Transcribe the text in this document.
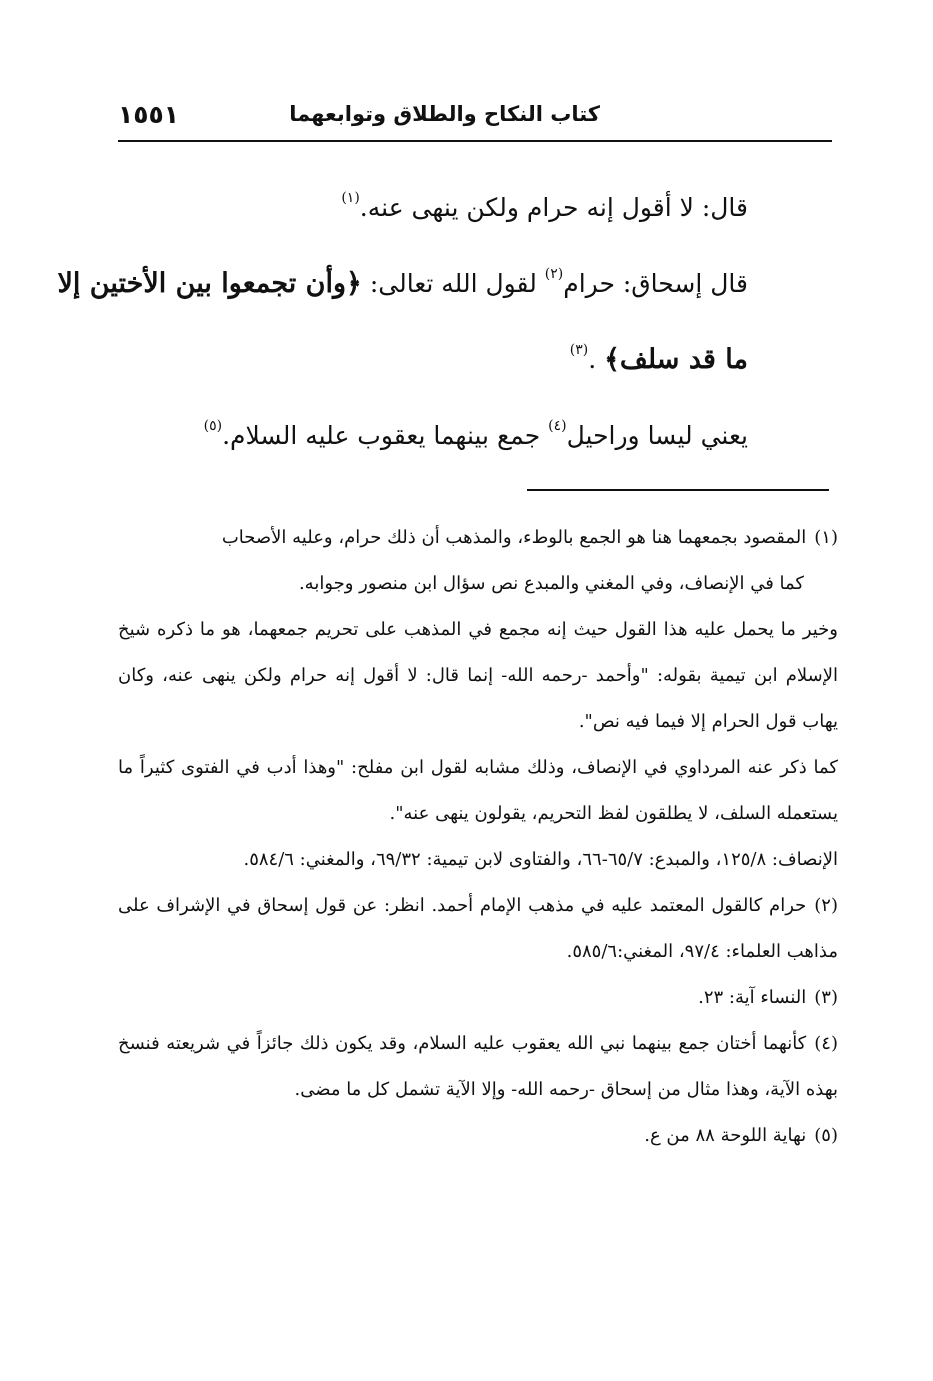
كتاب النكاح والطلاق وتوابعهما
١٥٥١

قال: لا أقول إنه حرام ولكن ينهى عنه.$^{(١)}$

قال إسحاق: حرام$^{(٢)}$ لقول الله تعالى: ﴿وأن تجمعوا بين الأختين إلا

ما قد سلف﴾ .$^{(٣)}$

يعني ليسا وراحيل$^{(٤)}$ جمع بينهما يعقوب عليه السلام.$^{(٥)}$

(١)المقصود بجمعهما هنا هو الجمع بالوطء، والمذهب أن ذلك حرام، وعليه الأصحاب

كما في الإنصاف، وفي المغني والمبدع نص سؤال ابن منصور وجوابه.

وخير ما يحمل عليه هذا القول حيث إنه مجمع في المذهب على تحريم جمعهما، هو ما ذكره شيخ الإسلام ابن تيمية بقوله: "وأحمد -رحمه الله- إنما قال: لا أقول إنه حرام ولكن ينهى عنه، وكان يهاب قول الحرام إلا فيما فيه نص".

كما ذكر عنه المرداوي في الإنصاف، وذلك مشابه لقول ابن مفلح: "وهذا أدب في الفتوى كثيراً ما يستعمله السلف، لا يطلقون لفظ التحريم، يقولون ينهى عنه".

الإنصاف: ١٢٥/٨، والمبدع: ٦٥/٧-٦٦، والفتاوى لابن تيمية: ٦٩/٣٢، والمغني: ٥٨٤/٦.

(٢)حرام كالقول المعتمد عليه في مذهب الإمام أحمد. انظر: عن قول إسحاق في الإشراف على مذاهب العلماء: ٩٧/٤، المغني:٥٨٥/٦.

(٣)النساء آية: ٢٣.

(٤)كأنهما أختان جمع بينهما نبي الله يعقوب عليه السلام، وقد يكون ذلك جائزاً في شريعته فنسخ بهذه الآية، وهذا مثال من إسحاق -رحمه الله- وإلا الآية تشمل كل ما مضى.

(٥)نهاية اللوحة ٨٨ من ع.
